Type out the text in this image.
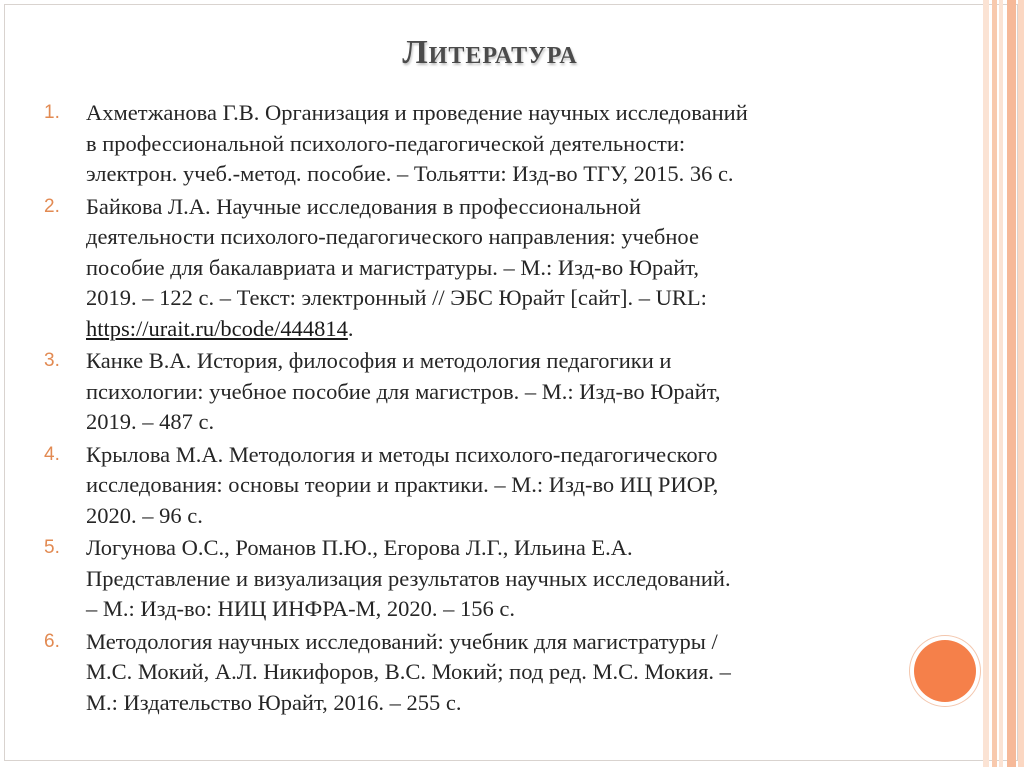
Литература
1.	Ахметжанова Г.В. Организация и проведение научных исследований
в профессиональной психолого-педагогической деятельности:
электрон. учеб.-метод. пособие. – Тольятти: Изд-во ТГУ, 2015. 36 с.
2.	Байкова Л.А. Научные исследования в профессиональной
деятельности психолого-педагогического направления: учебное
пособие для бакалавриата и магистратуры. – М.: Изд-во Юрайт,
2019. – 122 с. – Текст: электронный // ЭБС Юрайт [сайт]. – URL:
https://urait.ru/bcode/444814.
3.	Канке В.А. История, философия и методология педагогики и
психологии: учебное пособие для магистров. – М.: Изд-во Юрайт,
2019. – 487 с.
4.	Крылова М.А. Методология и методы психолого-педагогического
исследования: основы теории и практики. – М.: Изд-во ИЦ РИОР,
2020. – 96 с.
5.	Логунова О.С., Романов П.Ю., Егорова Л.Г., Ильина Е.А.
Представление и визуализация результатов научных исследований.
– М.: Изд-во: НИЦ ИНФРА-М, 2020. – 156 с.
6.	Методология научных исследований: учебник для магистратуры /
М.С. Мокий, А.Л. Никифоров, В.С. Мокий; под ред. М.С. Мокия. –
М.: Издательство Юрайт, 2016. – 255 с.
